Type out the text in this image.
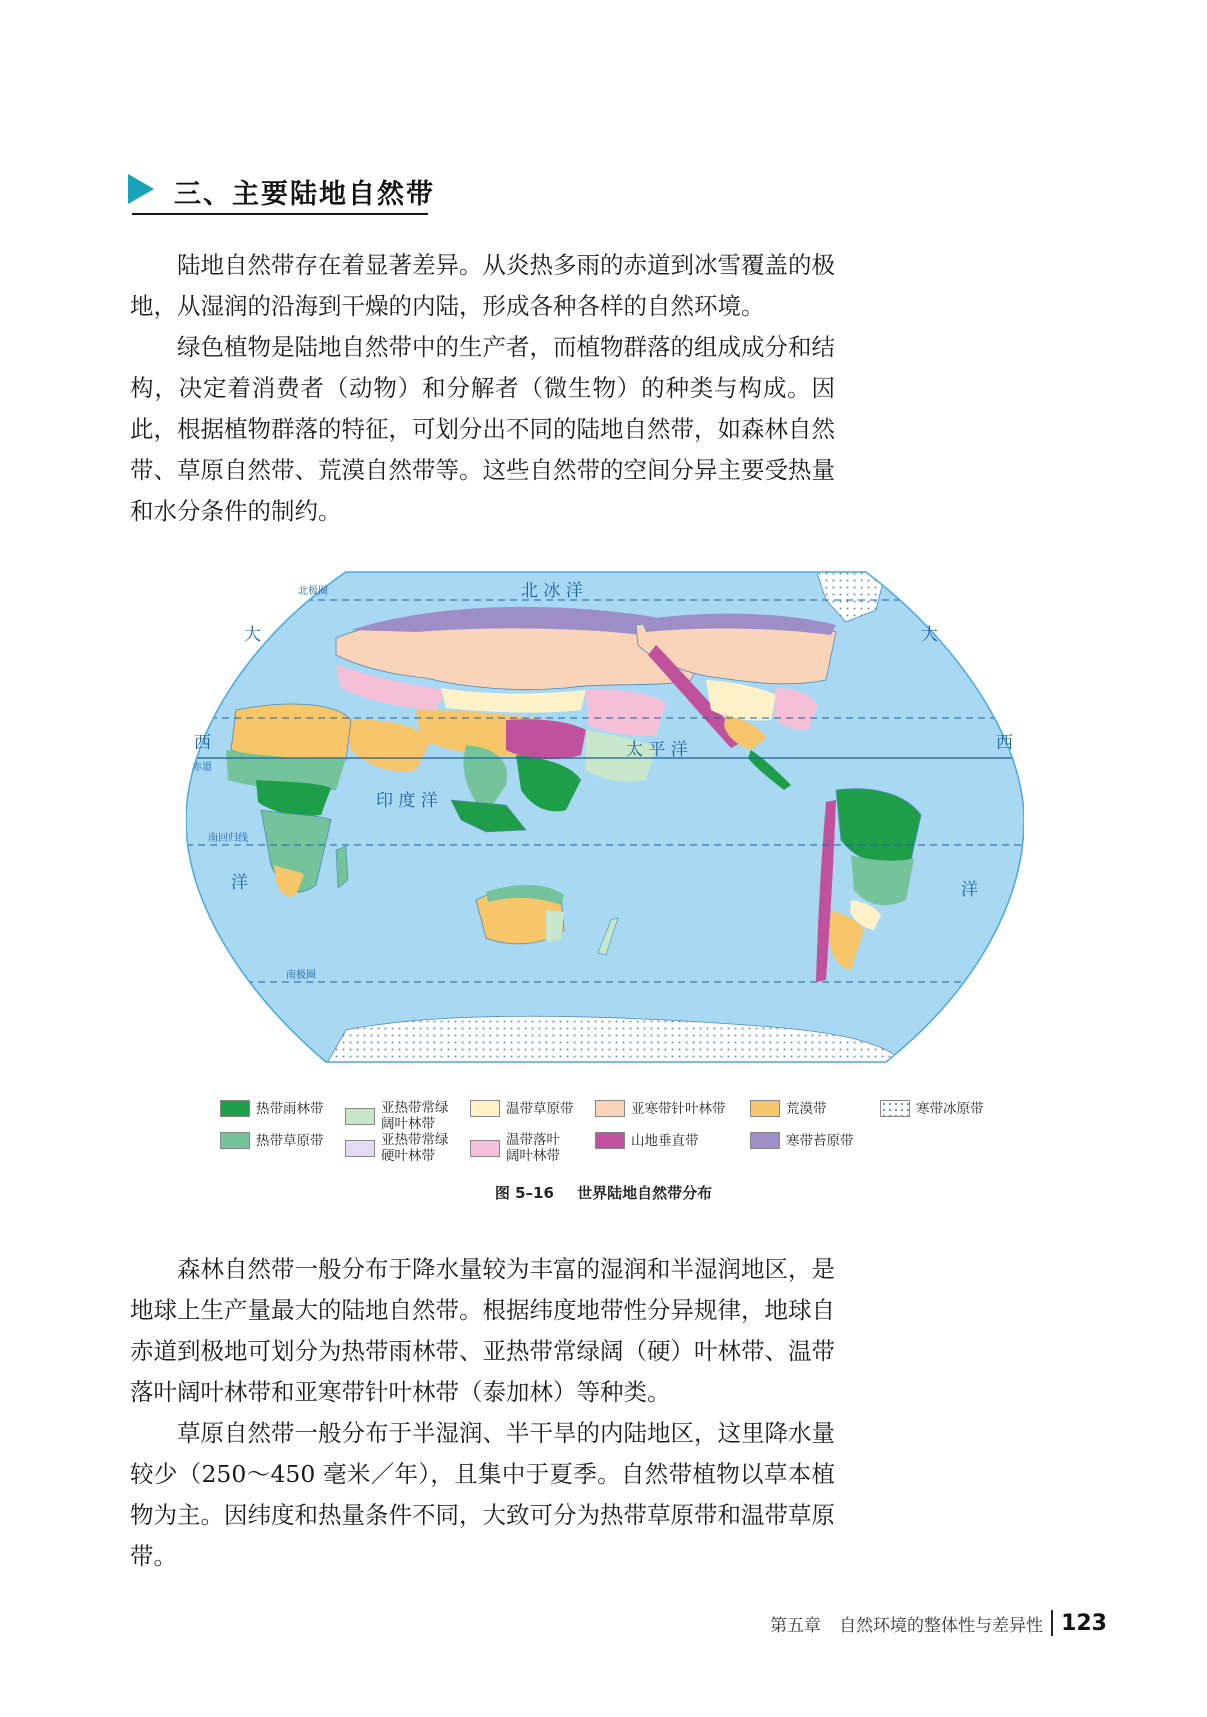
三、主要陆地自然带

陆地自然带存在着显著差异。从炎热多雨的赤道到冰雪覆盖的极地，从湿润的沿海到干燥的内陆，形成各种各样的自然环境。

绿色植物是陆地自然带中的生产者，而植物群落的组成成分和结构，决定着消费者（动物）和分解者（微生物）的种类与构成。因此，根据植物群落的特征，可划分出不同的陆地自然带，如森林自然带、草原自然带、荒漠自然带等。这些自然带的空间分异主要受热量和水分条件的制约。

北 冰 洋
大
西
洋
大
西
洋
太 平 洋
印 度 洋
北极圈
赤道
南回归线
南极圈
热带雨林带	亚热带常绿
阔叶林带
温带草原带	亚寒带针叶林带	荒漠带	寒带冰原带
热带草原带	亚热带常绿
硬叶林带
温带落叶
阔叶林带
山地垂直带	寒带苔原带
图 5–16 世界陆地自然带分布

森林自然带一般分布于降水量较为丰富的湿润和半湿润地区，是地球上生产量最大的陆地自然带。根据纬度地带性分异规律，地球自赤道到极地可划分为热带雨林带、亚热带常绿阔（硬）叶林带、温带落叶阔叶林带和亚寒带针叶林带（泰加林）等种类。

草原自然带一般分布于半湿润、半干旱的内陆地区，这里降水量较少（250～450 毫米／年），且集中于夏季。自然带植物以草本植物为主。因纬度和热量条件不同，大致可分为热带草原带和温带草原带。

第五章 自然环境的整体性与差异性 123
